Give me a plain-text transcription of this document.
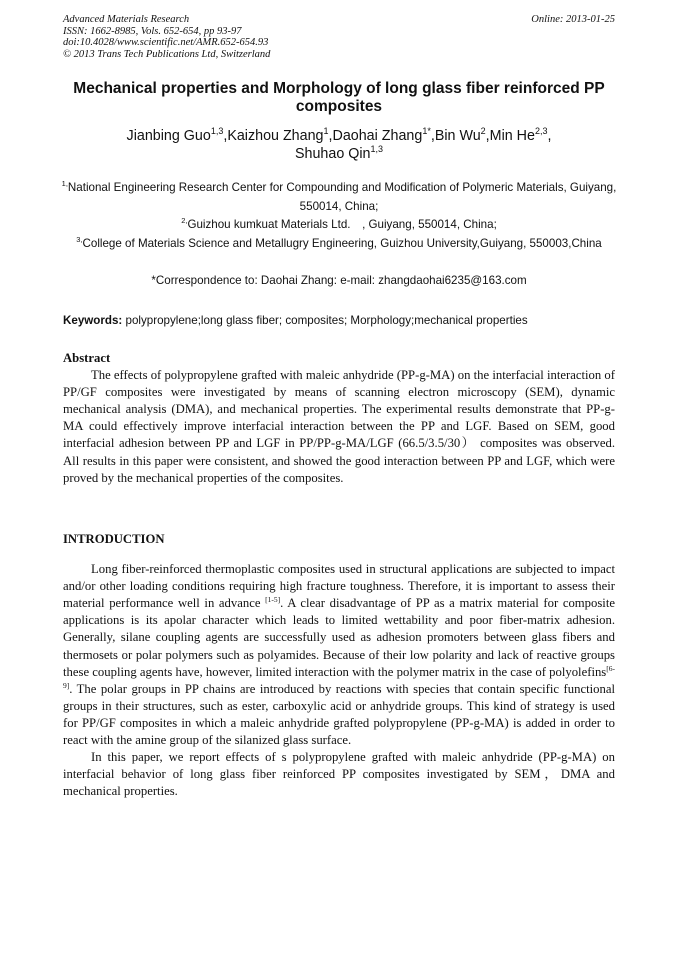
Advanced Materials Research
ISSN: 1662-8985, Vols. 652-654, pp 93-97
doi:10.4028/www.scientific.net/AMR.652-654.93
© 2013 Trans Tech Publications Ltd, Switzerland
Online: 2013-01-25
Mechanical properties and Morphology of long glass fiber reinforced PP composites
Jianbing Guo$^{1,3}$,Kaizhou Zhang$^1$,Daohai Zhang$^{1*}$,Bin Wu$^2$,Min He$^{2,3}$,
Shuhao Qin$^{1,3}$
$^{1,}$National Engineering Research Center for Compounding and Modification of Polymeric Materials, Guiyang, 550014, China;
$^{2,}$Guizhou kumkuat Materials Ltd.　, Guiyang, 550014, China;
$^{3,}$College of Materials Science and Metallugry Engineering, Guizhou University,Guiyang, 550003,China
*Correspondence to: Daohai Zhang: e-mail: zhangdaohai6235@163.com
Keywords: polypropylene;long glass fiber; composites; Morphology;mechanical properties
Abstract

The effects of polypropylene grafted with maleic anhydride (PP-g-MA) on the interfacial interaction of PP/GF composites were investigated by means of scanning electron microscopy (SEM), dynamic mechanical analysis (DMA), and mechanical properties. The experimental results demonstrate that PP-g-MA could effectively improve interfacial interaction between the PP and LGF. Based on SEM, good interfacial adhesion between PP and LGF in PP/PP-g-MA/LGF (66.5/3.5/30） composites was observed. All results in this paper were consistent, and showed the good interaction between PP and LGF, which were proved by the mechanical properties of the composites.

INTRODUCTION

Long fiber-reinforced thermoplastic composites used in structural applications are subjected to impact and/or other loading conditions requiring high fracture toughness. Therefore, it is important to assess their material performance well in advance [1-5]. A clear disadvantage of PP as a matrix material for composite applications is its apolar character which leads to limited wettability and poor fiber-matrix adhesion. Generally, silane coupling agents are successfully used as adhesion promoters between glass fibers and thermosets or polar polymers such as polyamides. Because of their low polarity and lack of reactive groups these coupling agents have, however, limited interaction with the polymer matrix in the case of polyolefins[6-9]. The polar groups in PP chains are introduced by reactions with species that contain specific functional groups in their structures, such as ester, carboxylic acid or anhydride groups. This kind of strategy is used for PP/GF composites in which a maleic anhydride grafted polypropylene (PP-g-MA) is added in order to react with the amine group of the silanized glass surface.

In this paper, we report effects of s polypropylene grafted with maleic anhydride (PP-g-MA) on interfacial behavior of long glass fiber reinforced PP composites investigated by SEM，DMA and mechanical properties.
